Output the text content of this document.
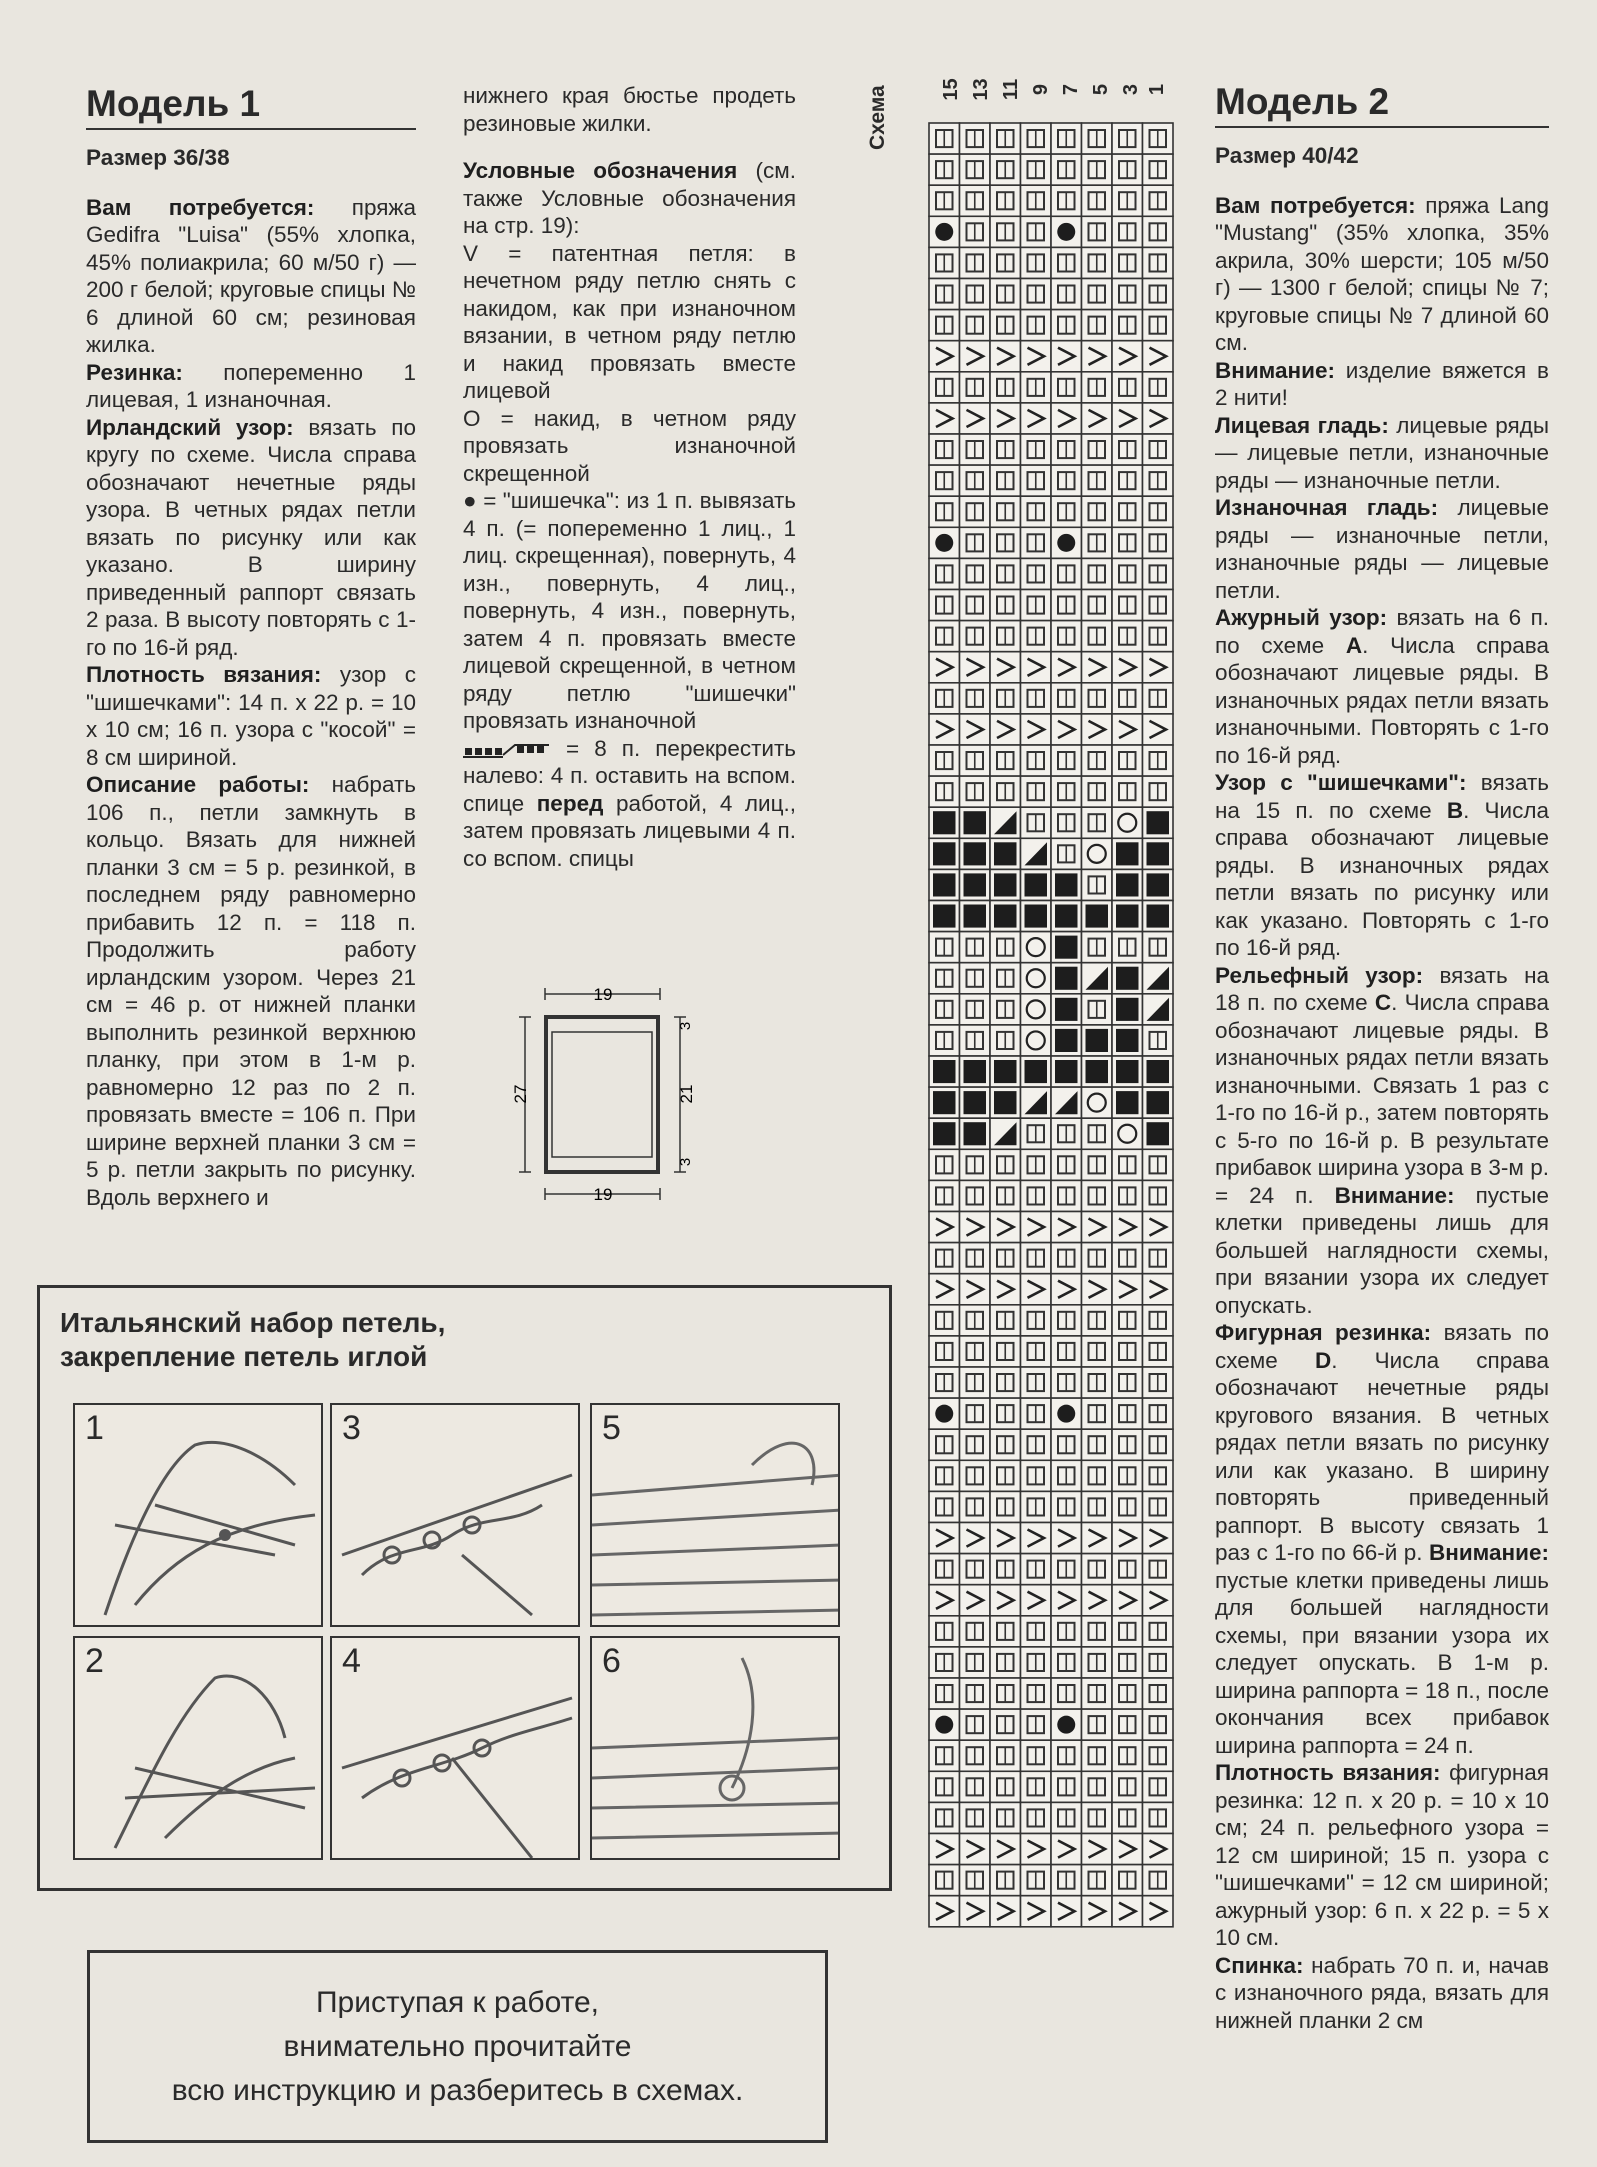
Модель 1

Размер 36/38

Вам потребуется: пряжа Gedifra "Luisa" (55% хлопка, 45% полиакрила; 60 м/50 г) — 200 г белой; круговые спицы № 6 длиной 60 см; резиновая жилка.

Резинка: попеременно 1 лицевая, 1 изнаночная.

Ирландский узор: вязать по кругу по схеме. Числа справа обозначают нечетные ряды узора. В четных рядах петли вязать по рисунку или как указано. В ширину приведенный раппорт связать 2 раза. В высоту повторять с 1-го по 16-й ряд.

Плотность вязания: узор с "шишечками": 14 п. х 22 р. = 10 х 10 см; 16 п. узора с "косой" = 8 см шириной.

Описание работы: набрать 106 п., петли замкнуть в кольцо. Вязать для нижней планки 3 см = 5 р. резинкой, в последнем ряду равномерно прибавить 12 п. = 118 п. Продолжить работу ирландским узором. Через 21 см = 46 р. от нижней планки выполнить резинкой верхнюю планку, при этом в 1-м р. равномерно 12 раз по 2 п. провязать вместе = 106 п. При ширине верхней планки 3 см = 5 р. петли закрыть по рисунку. Вдоль верхнего и

нижнего края бюстье продеть резиновые жилки.

Условные обозначения (см. также Условные обозначения на стр. 19):

V = патентная петля: в нечетном ряду петлю снять с накидом, как при изнаночном вязании, в четном ряду петлю и накид провязать вместе лицевой

O = накид, в четном ряду провязать изнаночной скрещенной

● = "шишечка": из 1 п. вывязать 4 п. (= попеременно 1 лиц., 1 лиц. скрещенная), повернуть, 4 изн., повернуть, 4 лиц., повернуть, 4 изн., повернуть, затем 4 п. провязать вместе лицевой скрещенной, в четном ряду петлю "шишечки" провязать изнаночной

= 8 п. перекрестить налево: 4 п. оставить на вспом. спице перед работой, 4 лиц., затем провязать лицевыми 4 п. со вспом. спицы

19
19
27
3
21
3
Схема	15 13 11 9 7 5 3 1 Модель 2

Размер 40/42

Вам потребуется: пряжа Lang "Mustang" (35% хлопка, 35% акрила, 30% шерсти; 105 м/50 г) — 1300 г белой; спицы № 7; круговые спицы № 7 длиной 60 см.

Внимание: изделие вяжется в 2 нити!

Лицевая гладь: лицевые ряды — лицевые петли, изнаночные ряды — изнаночные петли.

Изнаночная гладь: лицевые ряды — изнаночные петли, изнаночные ряды — лицевые петли.

Ажурный узор: вязать на 6 п. по схеме А. Числа справа обозначают лицевые ряды. В изнаночных рядах петли вязать изнаночными. Повторять с 1-го по 16-й ряд.

Узор с "шишечками": вязать на 15 п. по схеме В. Числа справа обозначают лицевые ряды. В изнаночных рядах петли вязать по рисунку или как указано. Повторять с 1-го по 16-й ряд.

Рельефный узор: вязать на 18 п. по схеме С. Числа справа обозначают лицевые ряды. В изнаночных рядах петли вязать изнаночными. Связать 1 раз с 1-го по 16-й р., затем повторять с 5-го по 16-й р. В результате прибавок ширина узора в 3-м р. = 24 п. Внимание: пустые клетки приведены лишь для большей наглядности схемы, при вязании узора их следует опускать.

Фигурная резинка: вязать по схеме D. Числа справа обозначают нечетные ряды кругового вязания. В четных рядах петли вязать по рисунку или как указано. В ширину повторять приведенный раппорт. В высоту связать 1 раз с 1-го по 66-й р. Внимание: пустые клетки приведены лишь для большей наглядности схемы, при вязании узора их следует опускать. В 1-м р. ширина раппорта = 18 п., после окончания всех прибавок ширина раппорта = 24 п.

Плотность вязания: фигурная резинка: 12 п. х 20 р. = 10 х 10 см; 24 п. рельефного узора = 12 см шириной; 15 п. узора с "шишечками" = 12 см шириной; ажурный узор: 6 п. х 22 р. = 5 х 10 см.

Спинка: набрать 70 п. и, начав с изнаночного ряда, вязать для нижней планки 2 см

Итальянский набор петель,
закрепление петель иглой
1
2
3
4
5
6
Приступая к работе,
внимательно прочитайте
всю инструкцию и разберитесь в схемах.
